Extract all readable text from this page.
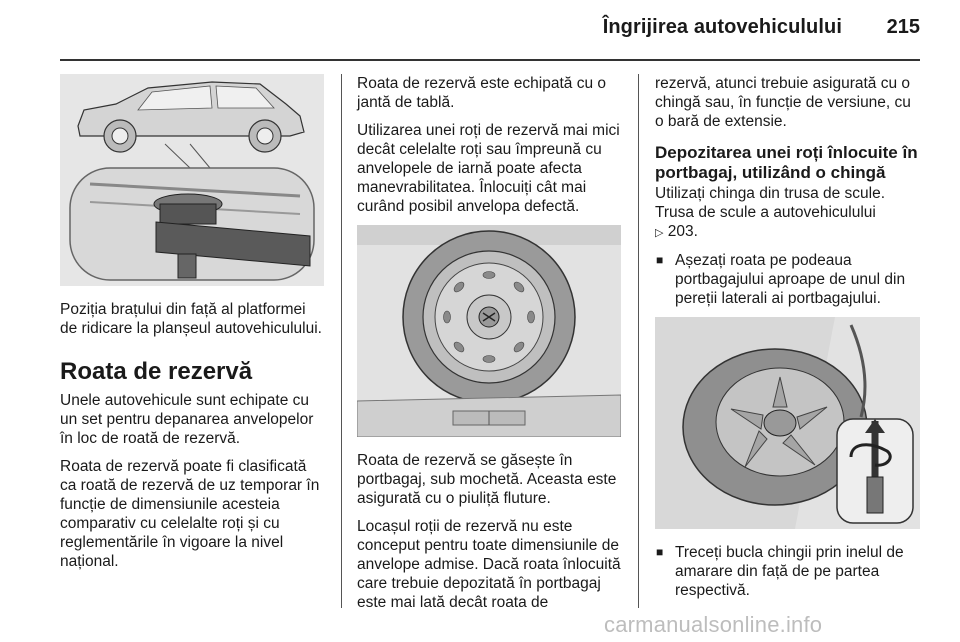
Îngrijirea autovehiculului 215

Poziția brațului din față al platformei de ridicare la planșeul autovehiculului.

Roata de rezervă

Unele autovehicule sunt echipate cu un set pentru depanarea anvelopelor în loc de roată de rezervă.

Roata de rezervă poate fi clasificată ca roată de rezervă de uz temporar în funcție de dimensiunile acesteia comparativ cu celelalte roți și cu reglementările în vigoare la nivel național.

Roata de rezervă este echipată cu o jantă de tablă.

Utilizarea unei roți de rezervă mai mici decât celelalte roți sau împreună cu anvelopele de iarnă poate afecta manevrabilitatea. Înlocuiți cât mai curând posibil anvelopa defectă.

Roata de rezervă se găsește în portbagaj, sub mochetă. Aceasta este asigurată cu o piuliță fluture.

Locașul roții de rezervă nu este conceput pentru toate dimensiunile de anvelope admise. Dacă roata înlocuită care trebuie depozitată în portbagaj este mai lată decât roata de

rezervă, atunci trebuie asigurată cu o chingă sau, în funcție de versiune, cu o bară de extensie.

Depozitarea unei roți înlocuite în portbagaj, utilizând o chingă
Utilizați chinga din trusa de scule.
Trusa de scule a autovehiculului
▷ 203.
■ Așezați roata pe podeaua portbagajului aproape de unul din pereții laterali ai portbagajului.
■ Treceți bucla chingii prin inelul de amarare din față de pe partea respectivă.
carmanualsonline.info
